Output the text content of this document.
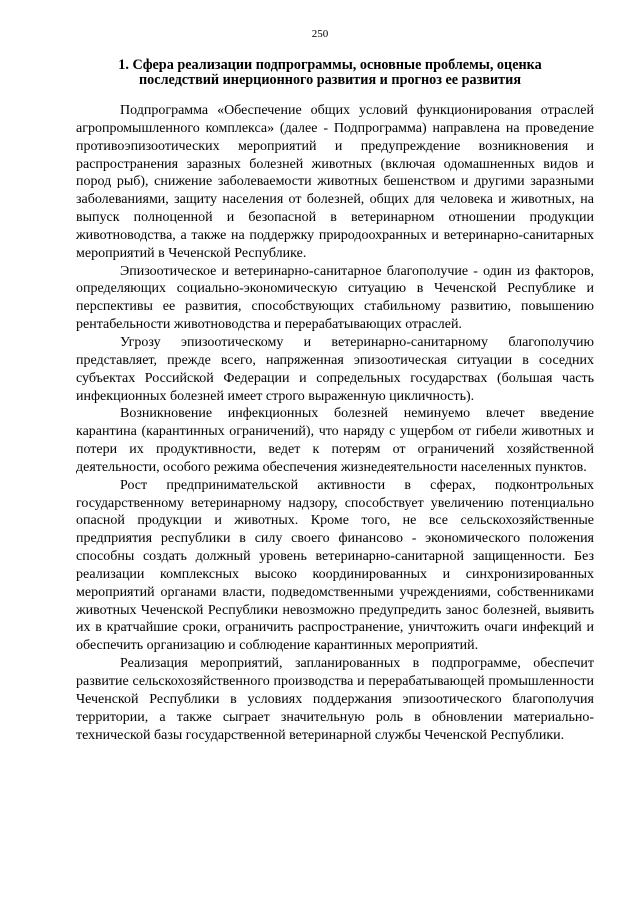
250
1. Сфера реализации подпрограммы, основные проблемы, оценка последствий инерционного развития и прогноз ее развития

Подпрограмма «Обеспечение общих условий функционирования отраслей агропромышленного комплекса» (далее - Подпрограмма) направлена на проведение противоэпизоотических мероприятий и предупреждение возникновения и распространения заразных болезней животных (включая одомашненных видов и пород рыб), снижение заболеваемости животных бешенством и другими заразными заболеваниями, защиту населения от болезней, общих для человека и животных, на выпуск полноценной и безопасной в ветеринарном отношении продукции животноводства, а также на поддержку природоохранных и ветеринарно-санитарных мероприятий в Чеченской Республике.

Эпизоотическое и ветеринарно-санитарное благополучие - один из факторов, определяющих социально-экономическую ситуацию в Чеченской Республике и перспективы ее развития, способствующих стабильному развитию, повышению рентабельности животноводства и перерабатывающих отраслей.

Угрозу эпизоотическому и ветеринарно-санитарному благополучию представляет, прежде всего, напряженная эпизоотическая ситуации в соседних субъектах Российской Федерации и сопредельных государствах (большая часть инфекционных болезней имеет строго выраженную цикличность).

Возникновение инфекционных болезней неминуемо влечет введение карантина (карантинных ограничений), что наряду с ущербом от гибели животных и потери их продуктивности, ведет к потерям от ограничений хозяйственной деятельности, особого режима обеспечения жизнедеятельности населенных пунктов.

Рост предпринимательской активности в сферах, подконтрольных государственному ветеринарному надзору, способствует увеличению потенциально опасной продукции и животных. Кроме того, не все сельскохозяйственные предприятия республики в силу своего финансово - экономического положения способны создать должный уровень ветеринарно-санитарной защищенности. Без реализации комплексных высоко координированных и синхронизированных мероприятий органами власти, подведомственными учреждениями, собственниками животных Чеченской Республики невозможно предупредить занос болезней, выявить их в кратчайшие сроки, ограничить распространение, уничтожить очаги инфекций и обеспечить организацию и соблюдение карантинных мероприятий.

Реализация мероприятий, запланированных в подпрограмме, обеспечит развитие сельскохозяйственного производства и перерабатывающей промышленности Чеченской Республики в условиях поддержания эпизоотического благополучия территории, а также сыграет значительную роль в обновлении материально-технической базы государственной ветеринарной службы Чеченской Республики.
